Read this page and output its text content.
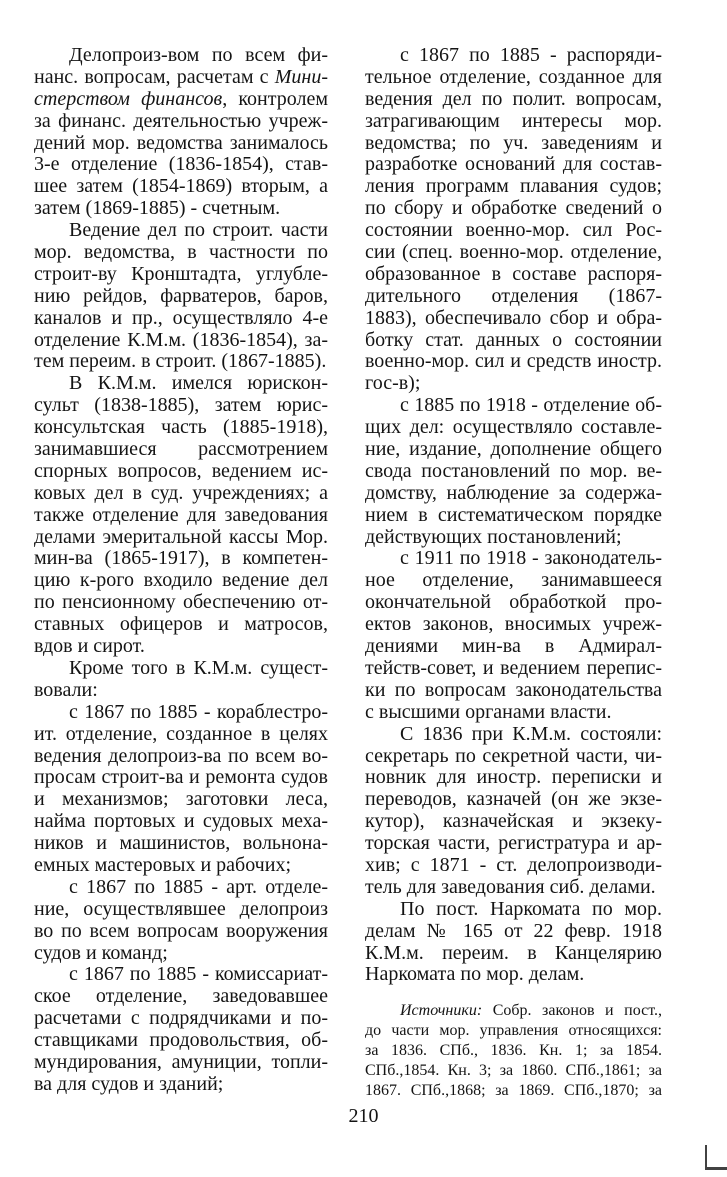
Делопроиз-вом по всем фи-
нанс. вопросам, расчетам с Мини-
стерством финансов, контролем
за финанс. деятельностью учреж-
дений мор. ведомства занималось
3-е отделение (1836-1854), став-
шее затем (1854-1869) вторым, а
затем (1869-1885) - счетным.
Ведение дел по строит. части
мор. ведомства, в частности по
строит-ву Кронштадта, углубле-
нию рейдов, фарватеров, баров,
каналов и пр., осуществляло 4-е
отделение К.М.м. (1836-1854), за-
тем переим. в строит. (1867-1885).
В К.М.м. имелся юрискон-
сульт (1838-1885), затем юрис-
консультская часть (1885-1918),
занимавшиеся рассмотрением
спорных вопросов, ведением ис-
ковых дел в суд. учреждениях; а
также отделение для заведования
делами эмеритальной кассы Мор.
мин-ва (1865-1917), в компетен-
цию к-рого входило ведение дел
по пенсионному обеспечению от-
ставных офицеров и матросов,
вдов и сирот.
Кроме того в К.М.м. сущест-
вовали:
с 1867 по 1885 - кораблестро-
ит. отделение, созданное в целях
ведения делопроиз-ва по всем во-
просам строит-ва и ремонта судов
и механизмов; заготовки леса,
найма портовых и судовых меха-
ников и машинистов, вольнона-
емных мастеровых и рабочих;
с 1867 по 1885 - арт. отделе-
ние, осуществлявшее делопроиз
во по всем вопросам вооружения
судов и команд;
с 1867 по 1885 - комиссариат-
ское отделение, заведовавшее
расчетами с подрядчиками и по-
ставщиками продовольствия, об-
мундирования, амуниции, топли-
ва для судов и зданий;
с 1867 по 1885 - распоряди-
тельное отделение, созданное для
ведения дел по полит. вопросам,
затрагивающим интересы мор.
ведомства; по уч. заведениям и
разработке оснований для состав-
ления программ плавания судов;
по сбору и обработке сведений о
состоянии военно-мор. сил Рос-
сии (спец. военно-мор. отделение,
образованное в составе распоря-
дительного отделения (1867-
1883), обеспечивало сбор и обра-
ботку стат. данных о состоянии
военно-мор. сил и средств иностр.
гос-в);
с 1885 по 1918 - отделение об-
щих дел: осуществляло составле-
ние, издание, дополнение общего
свода постановлений по мор. ве-
домству, наблюдение за содержа-
нием в систематическом порядке
действующих постановлений;
с 1911 по 1918 - законодатель-
ное отделение, занимавшееся
окончательной обработкой про-
ектов законов, вносимых учреж-
дениями мин-ва в Адмирал-
тейств-совет, и ведением перепис-
ки по вопросам законодательства
с высшими органами власти.
С 1836 при К.М.м. состояли:
секретарь по секретной части, чи-
новник для иностр. переписки и
переводов, казначей (он же экзе-
кутор), казначейская и экзеку-
торская части, регистратура и ар-
хив; с 1871 - ст. делопроизводи-
тель для заведования сиб. делами.
По пост. Наркомата по мор.
делам № 165 от 22 февр. 1918
К.М.м. переим. в Канцелярию
Наркомата по мор. делам.
Источники: Собр. законов и пост.,
до части мор. управления относящихся:
за 1836. СПб., 1836. Кн. 1; за 1854.
СПб.,1854. Кн. 3; за 1860. СПб.,1861; за
1867. СПб.,1868; за 1869. СПб.,1870; за
210
